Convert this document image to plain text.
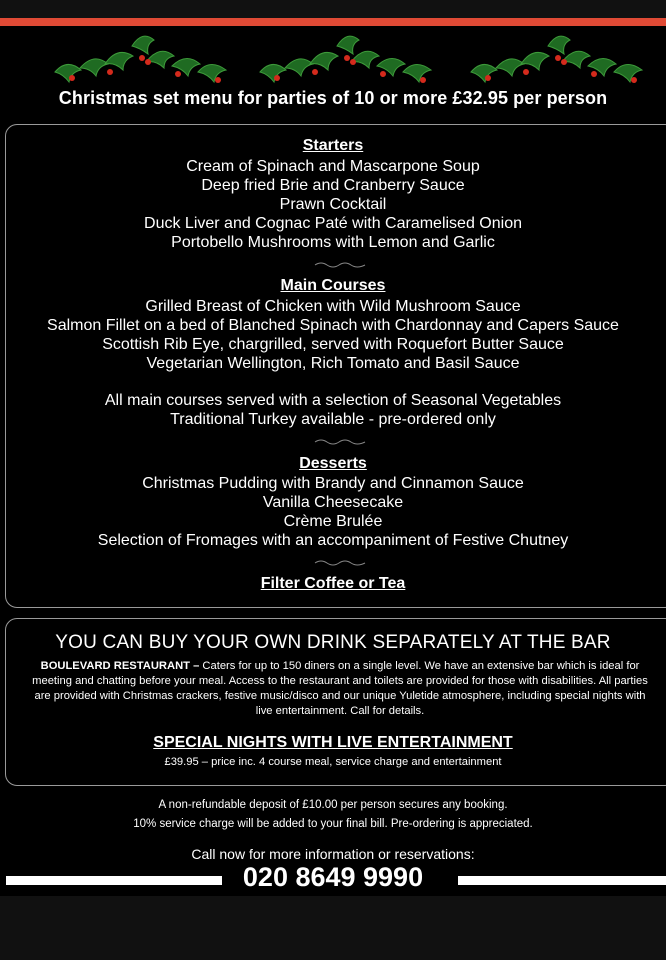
Christmas set menu for parties of 10 or more £32.95 per person
Starters
Cream of Spinach and Mascarpone Soup
Deep fried Brie and Cranberry Sauce
Prawn Cocktail
Duck Liver and Cognac Paté with Caramelised Onion
Portobello Mushrooms with Lemon and Garlic
Main Courses
Grilled Breast of Chicken with Wild Mushroom Sauce
Salmon Fillet on a bed of Blanched Spinach with Chardonnay and Capers Sauce
Scottish Rib Eye, chargrilled, served with Roquefort Butter Sauce
Vegetarian Wellington, Rich Tomato and Basil Sauce
All main courses served with a selection of Seasonal Vegetables
Traditional Turkey available - pre-ordered only
Desserts
Christmas Pudding with Brandy and Cinnamon Sauce
Vanilla Cheesecake
Crème Brulée
Selection of Fromages with an accompaniment of Festive Chutney
Filter Coffee or Tea
YOU CAN BUY YOUR OWN DRINK SEPARATELY AT THE BAR
BOULEVARD RESTAURANT – Caters for up to 150 diners on a single level. We have an extensive bar which is ideal for meeting and chatting before your meal. Access to the restaurant and toilets are provided for those with disabilities. All parties are provided with Christmas crackers, festive music/disco and our unique Yuletide atmosphere, including special nights with live entertainment. Call for details.
SPECIAL NIGHTS WITH LIVE ENTERTAINMENT
£39.95 – price inc. 4 course meal, service charge and entertainment
A non-refundable deposit of £10.00 per person secures any booking.
10% service charge will be added to your final bill. Pre-ordering is appreciated.
Call now for more information or reservations:
020 8649 9990
